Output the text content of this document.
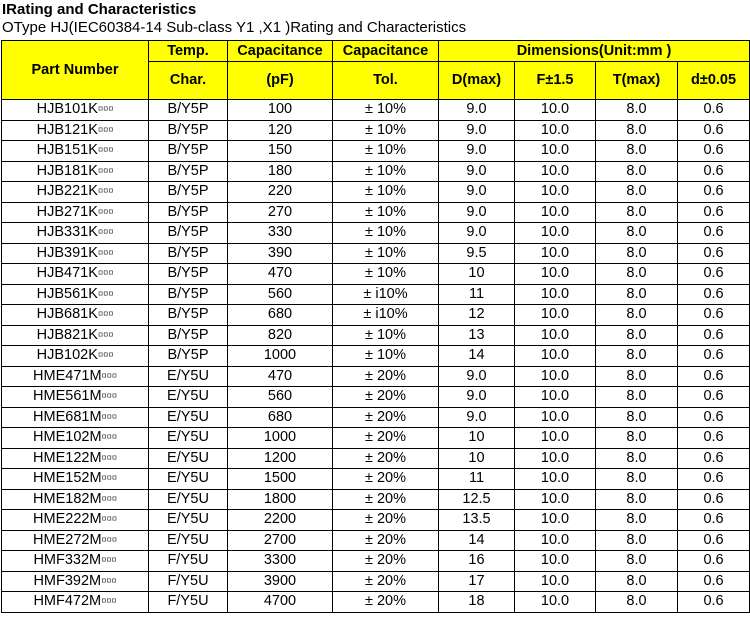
IRating and Characteristics
OType HJ(IEC60384-14 Sub-class Y1 ,X1 )Rating and Characteristics
Part Number	Temp.	Capacitance	Capacitance	Dimensions(Unit:mm )			
	Char.	(pF)	Tol.	D(max)	F±1.5	T(max)	d±0.05
HJB101K▫▫▫	B/Y5P	100	± 10%	9.0	10.0	8.0	0.6
HJB121K▫▫▫	B/Y5P	120	± 10%	9.0	10.0	8.0	0.6
HJB151K▫▫▫	B/Y5P	150	± 10%	9.0	10.0	8.0	0.6
HJB181K▫▫▫	B/Y5P	180	± 10%	9.0	10.0	8.0	0.6
HJB221K▫▫▫	B/Y5P	220	± 10%	9.0	10.0	8.0	0.6
HJB271K▫▫▫	B/Y5P	270	± 10%	9.0	10.0	8.0	0.6
HJB331K▫▫▫	B/Y5P	330	± 10%	9.0	10.0	8.0	0.6
HJB391K▫▫▫	B/Y5P	390	± 10%	9.5	10.0	8.0	0.6
HJB471K▫▫▫	B/Y5P	470	± 10%	10	10.0	8.0	0.6
HJB561K▫▫▫	B/Y5P	560	± i10%	11	10.0	8.0	0.6
HJB681K▫▫▫	B/Y5P	680	± i10%	12	10.0	8.0	0.6
HJB821K▫▫▫	B/Y5P	820	± 10%	13	10.0	8.0	0.6
HJB102K▫▫▫	B/Y5P	1000	± 10%	14	10.0	8.0	0.6
HME471M▫▫▫	E/Y5U	470	± 20%	9.0	10.0	8.0	0.6
HME561M▫▫▫	E/Y5U	560	± 20%	9.0	10.0	8.0	0.6
HME681M▫▫▫	E/Y5U	680	± 20%	9.0	10.0	8.0	0.6
HME102M▫▫▫	E/Y5U	1000	± 20%	10	10.0	8.0	0.6
HME122M▫▫▫	E/Y5U	1200	± 20%	10	10.0	8.0	0.6
HME152M▫▫▫	E/Y5U	1500	± 20%	11	10.0	8.0	0.6
HME182M▫▫▫	E/Y5U	1800	± 20%	12.5	10.0	8.0	0.6
HME222M▫▫▫	E/Y5U	2200	± 20%	13.5	10.0	8.0	0.6
HME272M▫▫▫	E/Y5U	2700	± 20%	14	10.0	8.0	0.6
HMF332M▫▫▫	F/Y5U	3300	± 20%	16	10.0	8.0	0.6
HMF392M▫▫▫	F/Y5U	3900	± 20%	17	10.0	8.0	0.6
HMF472M▫▫▫	F/Y5U	4700	± 20%	18	10.0	8.0	0.6
